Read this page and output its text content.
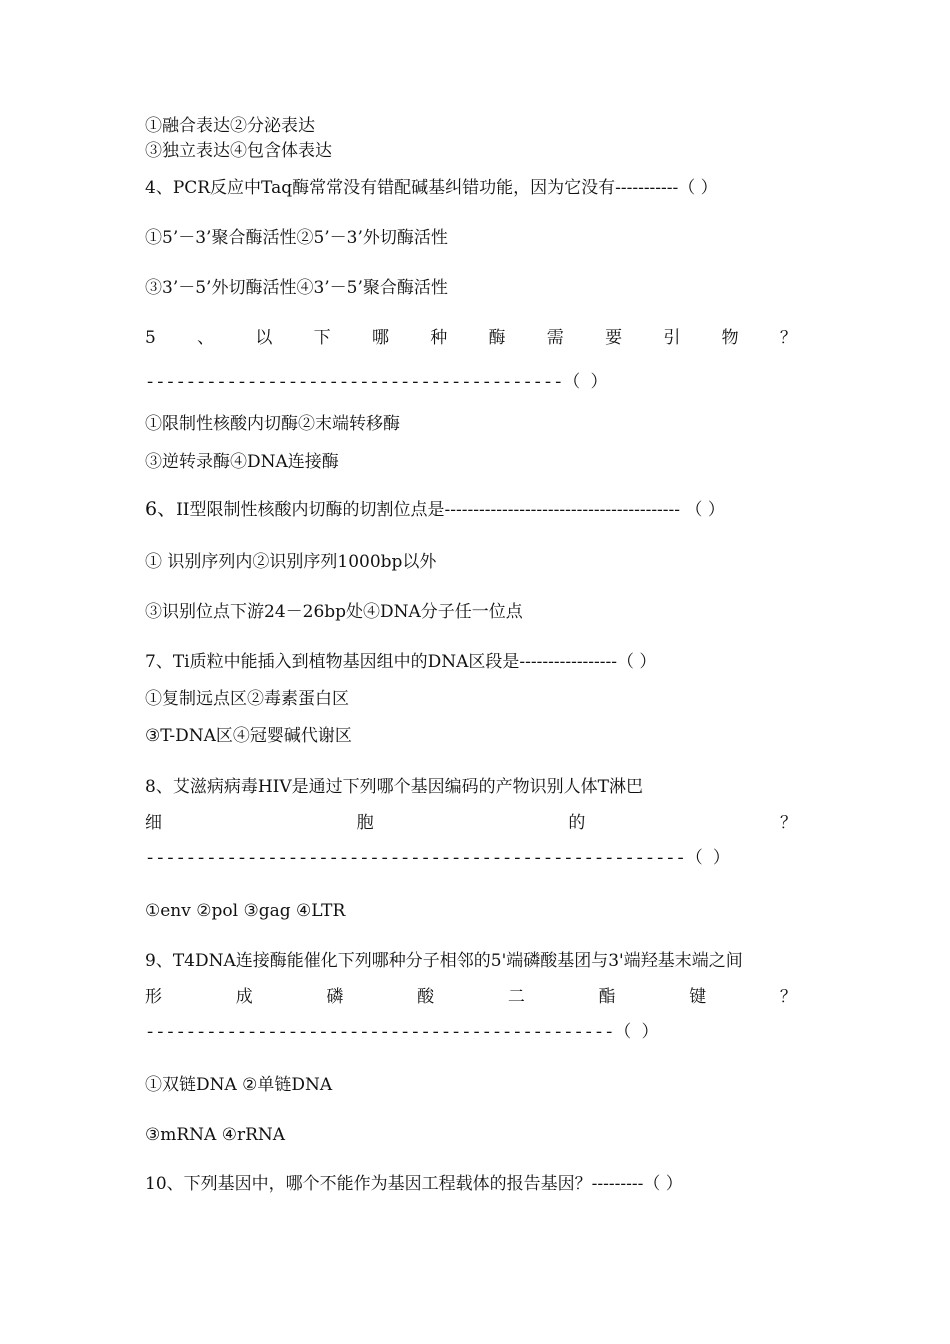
①融合表达②分泌表达
③独立表达④包含体表达
4、PCR反应中Taq酶常常没有错配碱基纠错功能，因为它没有-----------（ ）
①5’－3’聚合酶活性②5’－3’外切酶活性
③3’－5’外切酶活性④3’－5’聚合酶活性
5 、 以 下 哪 种 酶 需 要 引 物 ？
-----------------------------------------（ ）
①限制性核酸内切酶②末端转移酶
③逆转录酶④DNA连接酶
6、II型限制性核酸内切酶的切割位点是----------------------------------------- （ ）
① 识别序列内②识别序列1000bp以外
③识别位点下游24－26bp处④DNA分子任一位点
7、Ti质粒中能插入到植物基因组中的DNA区段是-----------------（ ）
①复制远点区②毒素蛋白区
③T-DNA区④冠婴碱代谢区
8、艾滋病病毒HIV是通过下列哪个基因编码的产物识别人体T淋巴
细	胞	的	？
-----------------------------------------------------（ ）
①env ②pol ③gag ④LTR
9、T4DNA连接酶能催化下列哪种分子相邻的5'端磷酸基团与3'端羟基末端之间
形	成	磷	酸	二	酯	键	？
----------------------------------------------（ ）
①双链DNA ②单链DNA
③mRNA ④rRNA
10、下列基因中，哪个不能作为基因工程载体的报告基因？---------（ ）
